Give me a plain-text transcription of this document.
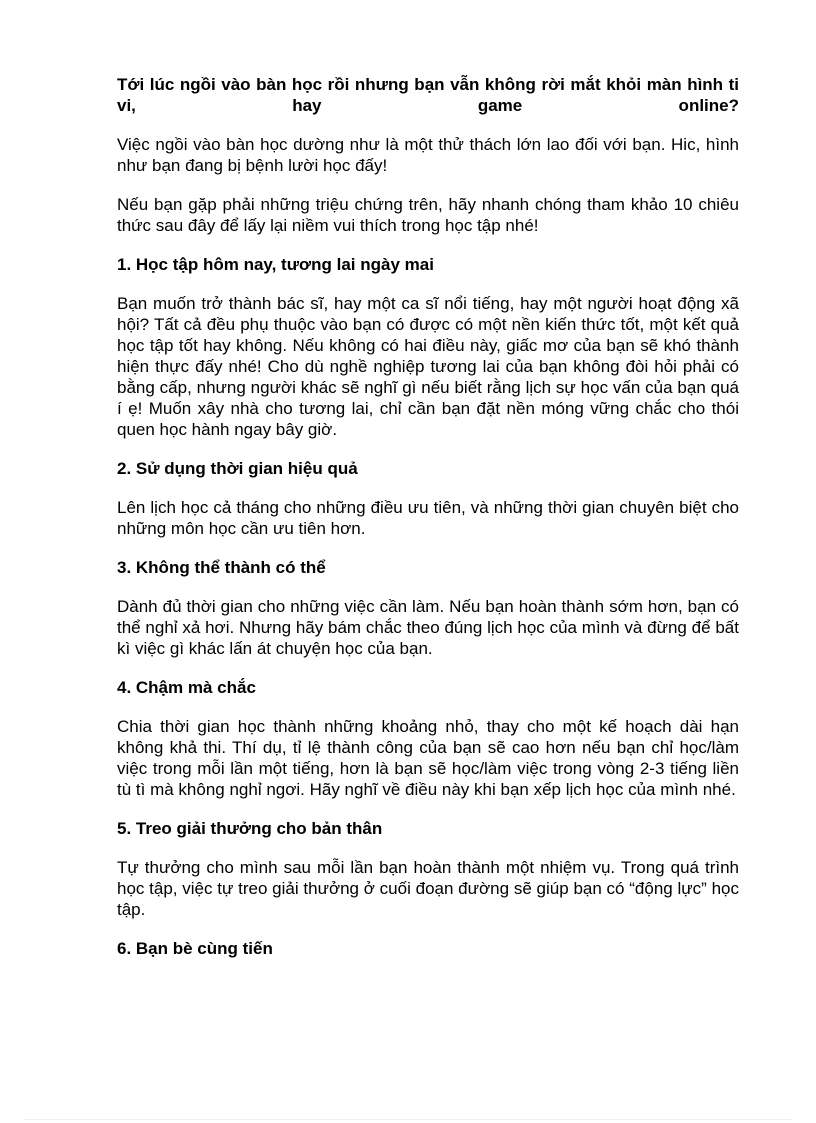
Tới lúc ngồi vào bàn học rồi nhưng bạn vẫn không rời mắt khỏi màn hình ti vi, hay game online?

Việc ngồi vào bàn học dường như là một thử thách lớn lao đối với bạn. Hic, hình như bạn đang bị bệnh lười học đấy!

Nếu bạn gặp phải những triệu chứng trên, hãy nhanh chóng tham khảo 10 chiêu thức sau đây để lấy lại niềm vui thích trong học tập nhé!

1. Học tập hôm nay, tương lai ngày mai

Bạn muốn trở thành bác sĩ, hay một ca sĩ nổi tiếng, hay một người hoạt động xã hội? Tất cả đều phụ thuộc vào bạn có được có một nền kiến thức tốt, một kết quả học tập tốt hay không. Nếu không có hai điều này, giấc mơ của bạn sẽ khó thành hiện thực đấy nhé! Cho dù nghề nghiệp tương lai của bạn không đòi hỏi phải có bằng cấp, nhưng người khác sẽ nghĩ gì nếu biết rằng lịch sự học vấn của bạn quá í ẹ! Muốn xây nhà cho tương lai, chỉ cần bạn đặt nền móng vững chắc cho thói quen học hành ngay bây giờ.

2. Sử dụng thời gian hiệu quả

Lên lịch học cả tháng cho những điều ưu tiên, và những thời gian chuyên biệt cho những môn học cần ưu tiên hơn.

3. Không thể thành có thể

Dành đủ thời gian cho những việc cần làm. Nếu bạn hoàn thành sớm hơn, bạn có thể nghỉ xả hơi. Nhưng hãy bám chắc theo đúng lịch học của mình và đừng để bất kì việc gì khác lấn át chuyện học của bạn.

4. Chậm mà chắc

Chia thời gian học thành những khoảng nhỏ, thay cho một kế hoạch dài hạn không khả thi. Thí dụ, tỉ lệ thành công của bạn sẽ cao hơn nếu bạn chỉ học/làm việc trong mỗi lần một tiếng, hơn là bạn sẽ học/làm việc trong vòng 2-3 tiếng liền tù tì mà không nghỉ ngơi. Hãy nghĩ về điều này khi bạn xếp lịch học của mình nhé.

5. Treo giải thưởng cho bản thân

Tự thưởng cho mình sau mỗi lần bạn hoàn thành một nhiệm vụ. Trong quá trình học tập, việc tự treo giải thưởng ở cuối đoạn đường sẽ giúp bạn có “động lực” học tập.

6. Bạn bè cùng tiến
